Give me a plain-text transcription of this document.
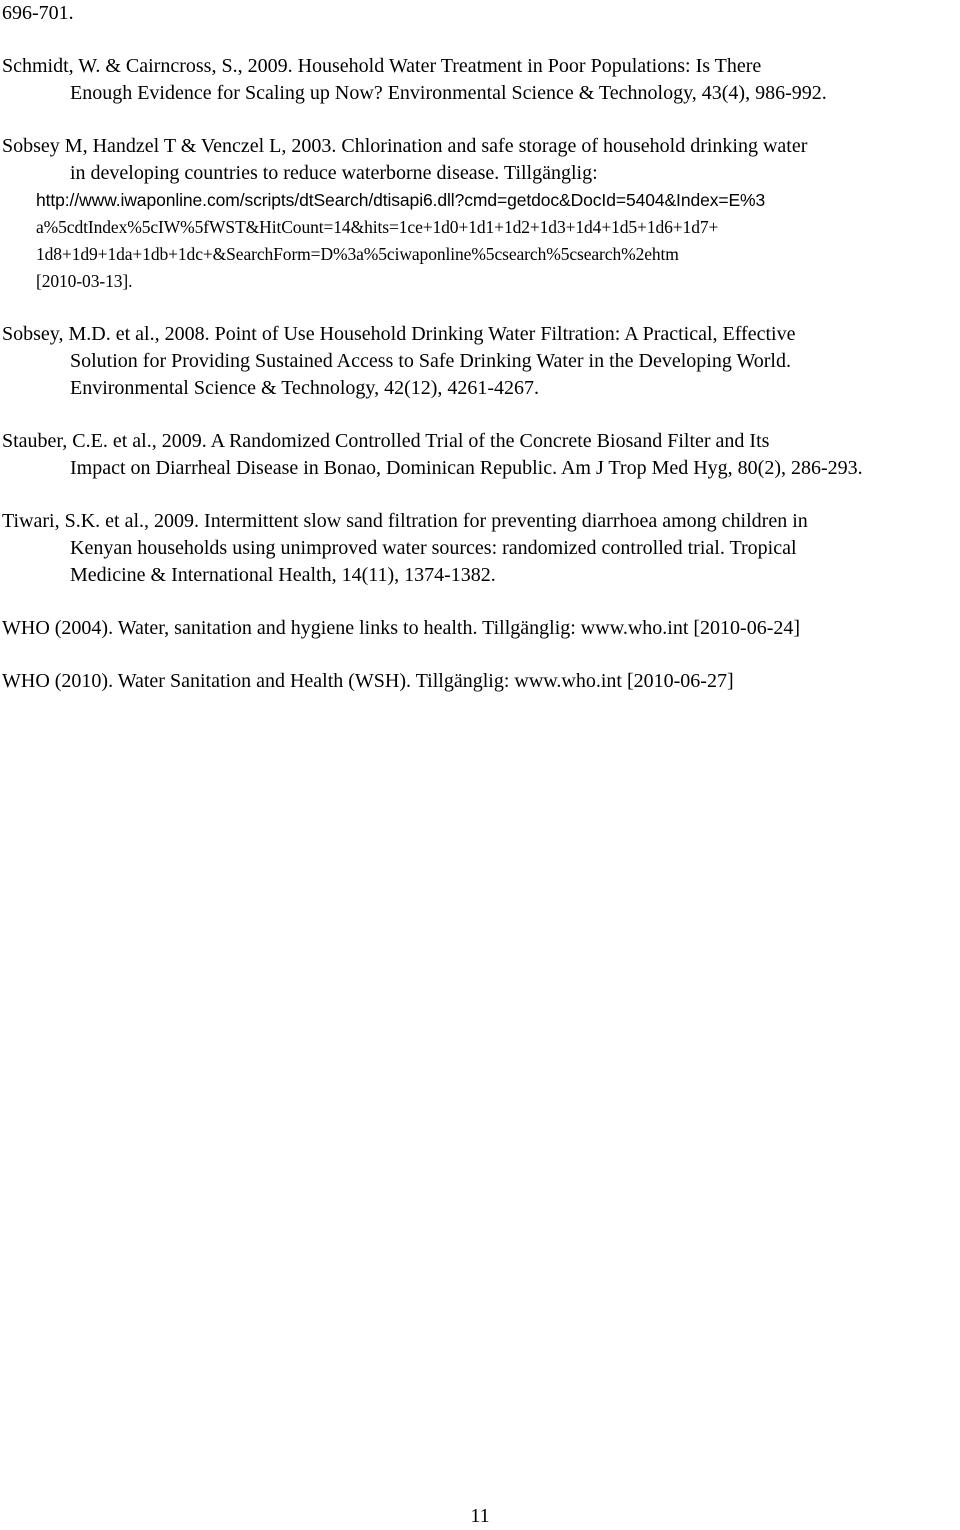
696-701.
Schmidt, W. & Cairncross, S., 2009. Household Water Treatment in Poor Populations: Is There
Enough Evidence for Scaling up Now? Environmental Science & Technology, 43(4), 986-992.
Sobsey M, Handzel T & Venczel L, 2003. Chlorination and safe storage of household drinking water
in developing countries to reduce waterborne disease. Tillgänglig:
http://www.iwaponline.com/scripts/dtSearch/dtisapi6.dll?cmd=getdoc&DocId=5404&Index=E%3
a%5cdtIndex%5cIW%5fWST&HitCount=14&hits=1ce+1d0+1d1+1d2+1d3+1d4+1d5+1d6+1d7+
1d8+1d9+1da+1db+1dc+&SearchForm=D%3a%5ciwaponline%5csearch%5csearch%2ehtm
[2010-03-13].
Sobsey, M.D. et al., 2008. Point of Use Household Drinking Water Filtration: A Practical, Effective
Solution for Providing Sustained Access to Safe Drinking Water in the Developing World.
Environmental Science & Technology, 42(12), 4261-4267.
Stauber, C.E. et al., 2009. A Randomized Controlled Trial of the Concrete Biosand Filter and Its
Impact on Diarrheal Disease in Bonao, Dominican Republic. Am J Trop Med Hyg, 80(2), 286-293.
Tiwari, S.K. et al., 2009. Intermittent slow sand filtration for preventing diarrhoea among children in
Kenyan households using unimproved water sources: randomized controlled trial. Tropical
Medicine & International Health, 14(11), 1374-1382.
WHO (2004). Water, sanitation and hygiene links to health. Tillgänglig: www.who.int [2010-06-24]
WHO (2010). Water Sanitation and Health (WSH). Tillgänglig: www.who.int [2010-06-27]
11
